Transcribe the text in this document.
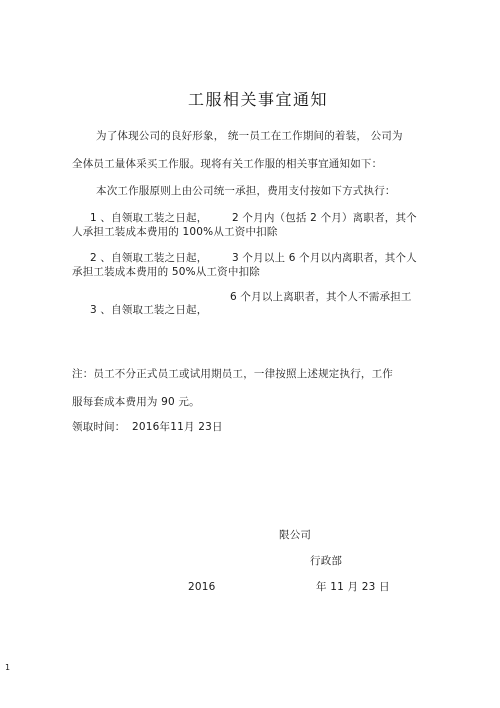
工服相关事宜通知
为了体现公司的良好形象， 统一员工在工作期间的着装， 公司为
全体员工量体采买工作服。现将有关工作服的相关事宜通知如下：
本次工作服原则上由公司统一承担，费用支付按如下方式执行：
1 、自领取工装之日起， 2 个月内（包括 2 个月）离职者，其个
人承担工装成本费用的 100%从工资中扣除
2 、自领取工装之日起， 3 个月以上 6 个月以内离职者，其个人
承担工装成本费用的 50%从工资中扣除
6 个月以上离职者，其个人不需承担工
3 、自领取工装之日起，
注：员工不分正式员工或试用期员工，一律按照上述规定执行，工作
服每套成本费用为 90 元。
领取时间： 2016年11月 23日
限公司
行政部
2016	年 11 月 23 日
1
